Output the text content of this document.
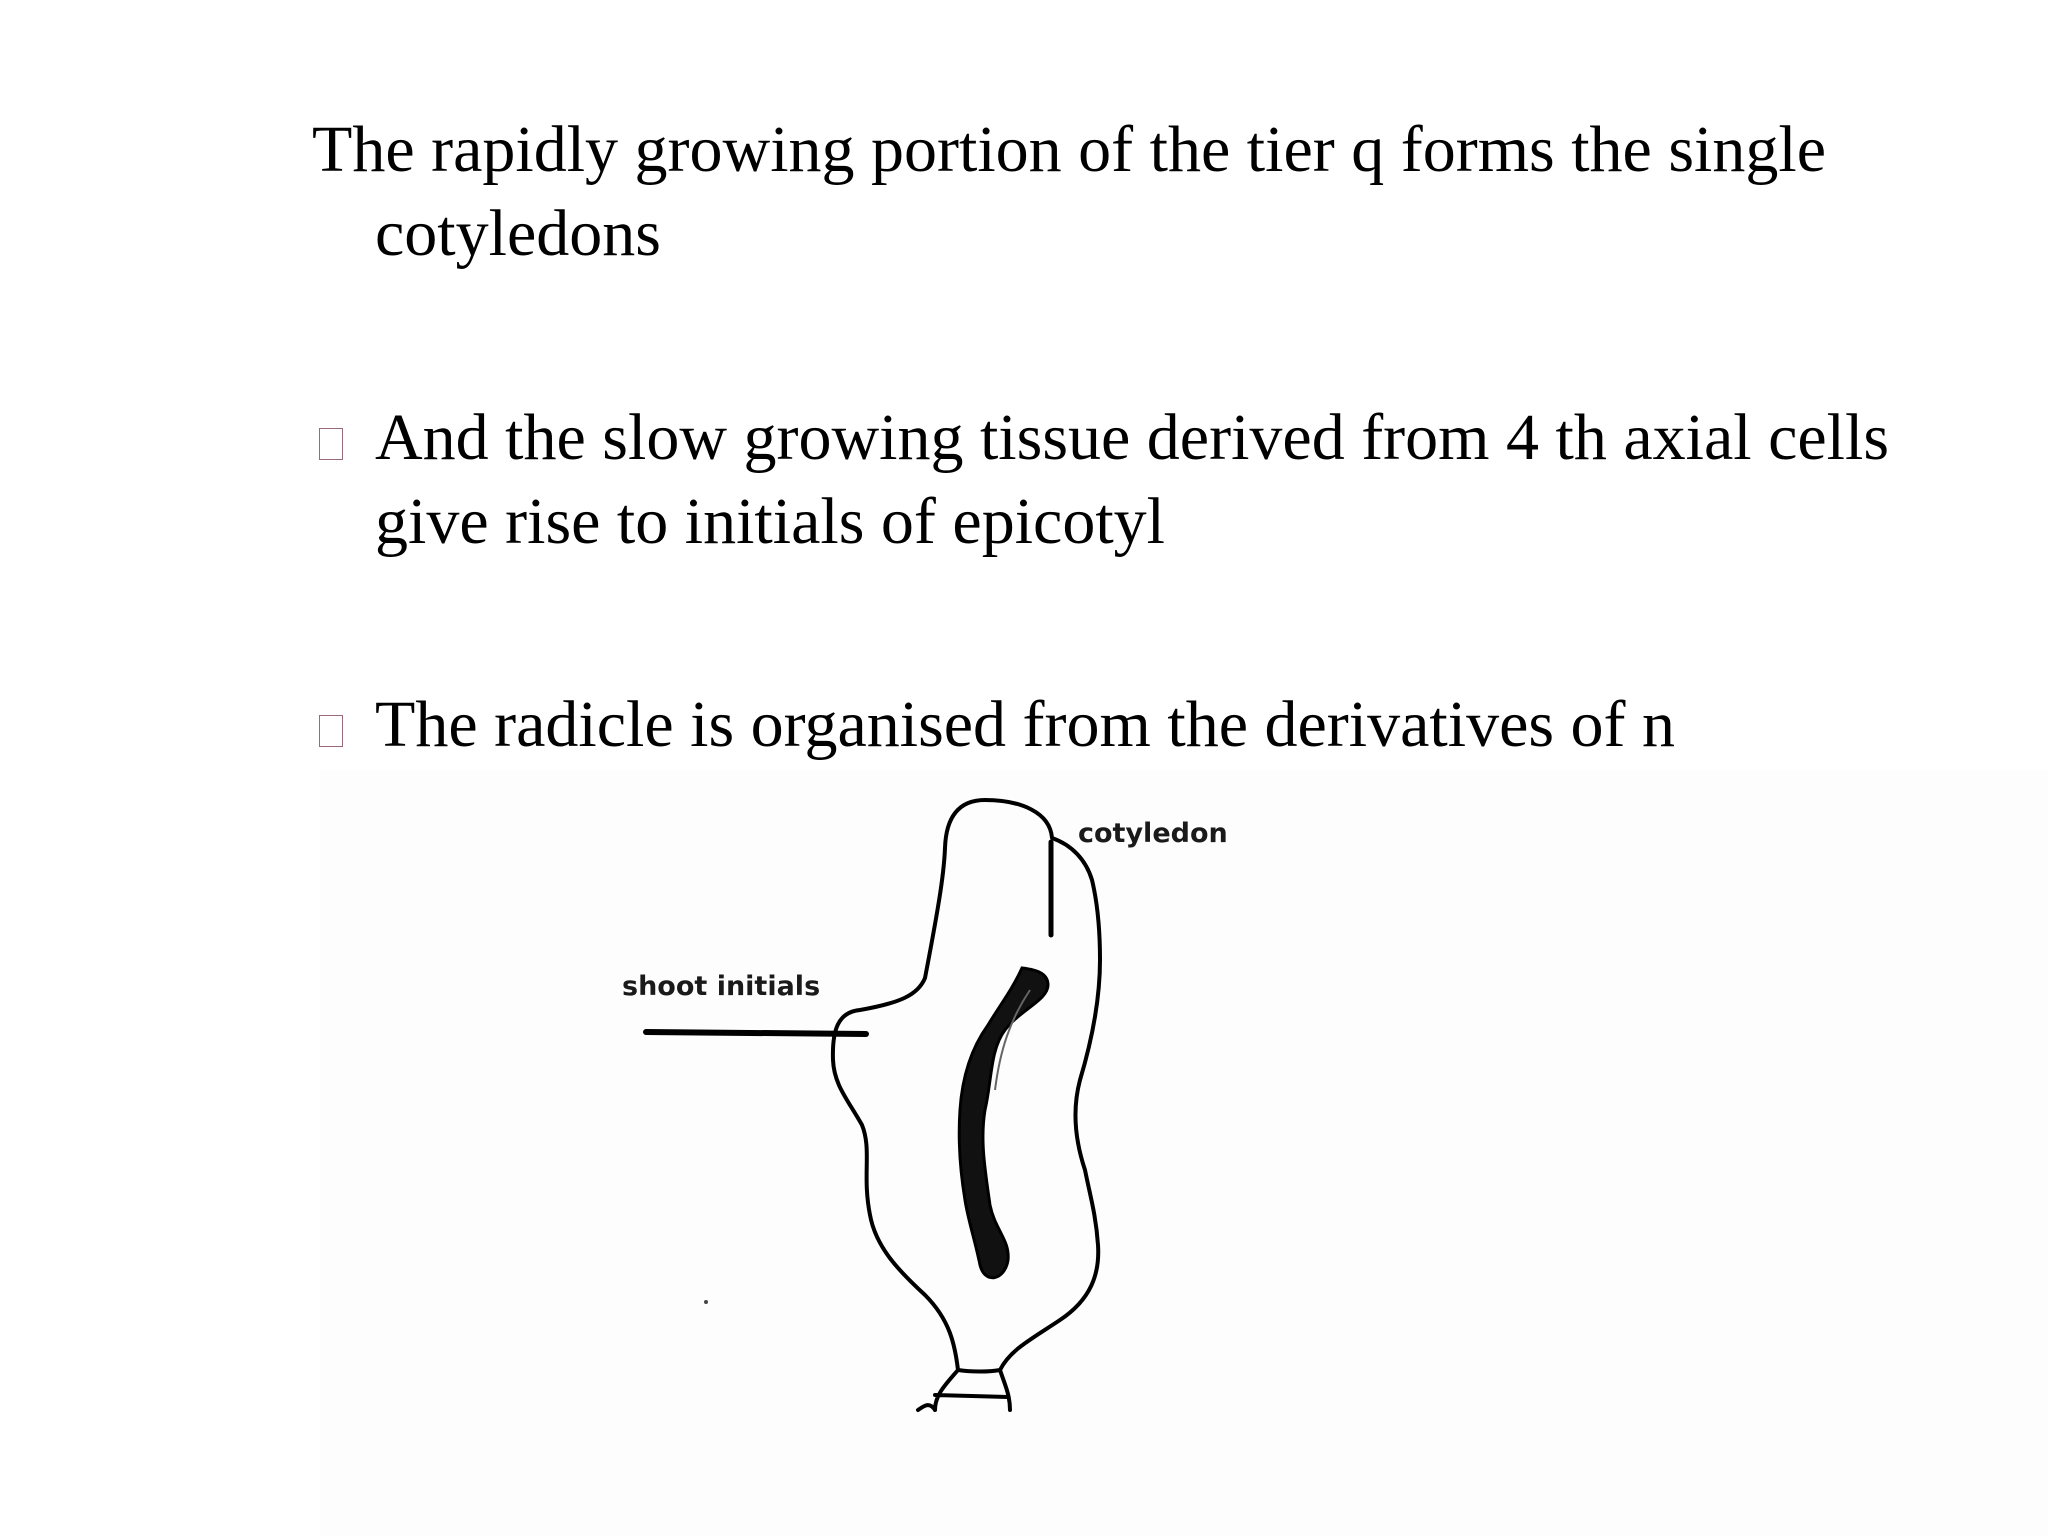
The rapidly growing portion of the tier q forms the single
cotyledons
And the slow growing tissue derived from 4 th axial cells
give rise to initials of epicotyl
The radicle is organised from the derivatives of n
cotyledon
shoot initials
